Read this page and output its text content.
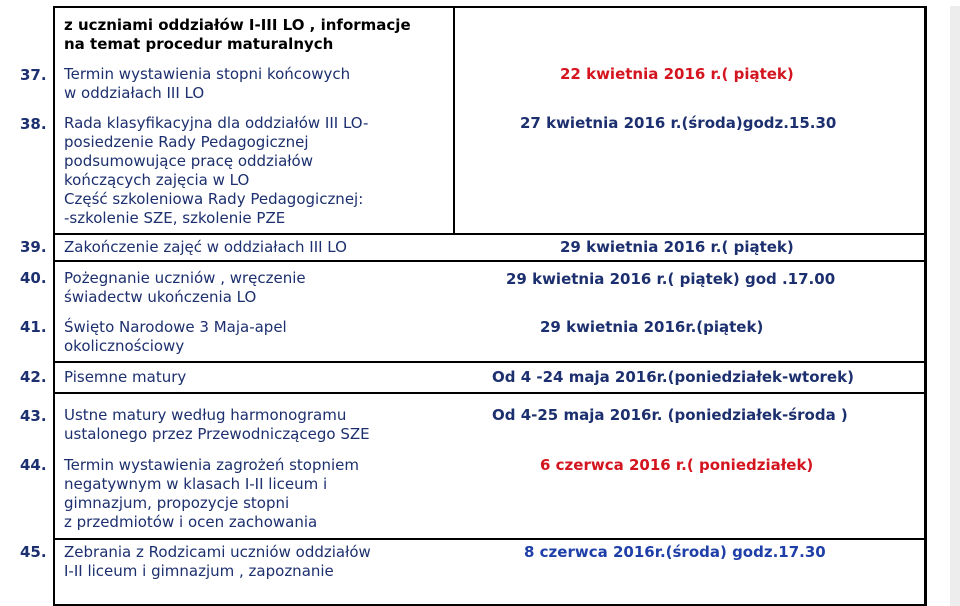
z uczniami oddziałów I-III LO , informacje
na temat procedur maturalnych
37. Termin wystawienia stopni końcowych
w oddziałach III LO
22 kwietnia 2016 r.( piątek)
38. Rada klasyfikacyjna dla oddziałów III LO-
posiedzenie Rady Pedagogicznej
podsumowujące pracę oddziałów
kończących zajęcia w LO
Część szkoleniowa Rady Pedagogicznej:
-szkolenie SZE, szkolenie PZE
27 kwietnia 2016 r.(środa)godz.15.30
39. Zakończenie zajęć w oddziałach III LO	29 kwietnia 2016 r.( piątek)
40. Pożegnanie uczniów , wręczenie
świadectw ukończenia LO
29 kwietnia 2016 r.( piątek) god .17.00
41. Święto Narodowe 3 Maja-apel
okolicznościowy
29 kwietnia 2016r.(piątek)
42. Pisemne matury	Od 4 -24 maja 2016r.(poniedziałek-wtorek)
43. Ustne matury według harmonogramu
ustalonego przez Przewodniczącego SZE
Od 4-25 maja 2016r. (poniedziałek-środa )
44. Termin wystawienia zagrożeń stopniem
negatywnym w klasach I-II liceum i
gimnazjum, propozycje stopni
z przedmiotów i ocen zachowania
6 czerwca 2016 r.( poniedziałek)
45. Zebrania z Rodzicami uczniów oddziałów
I-II liceum i gimnazjum , zapoznanie
8 czerwca 2016r.(środa) godz.17.30
